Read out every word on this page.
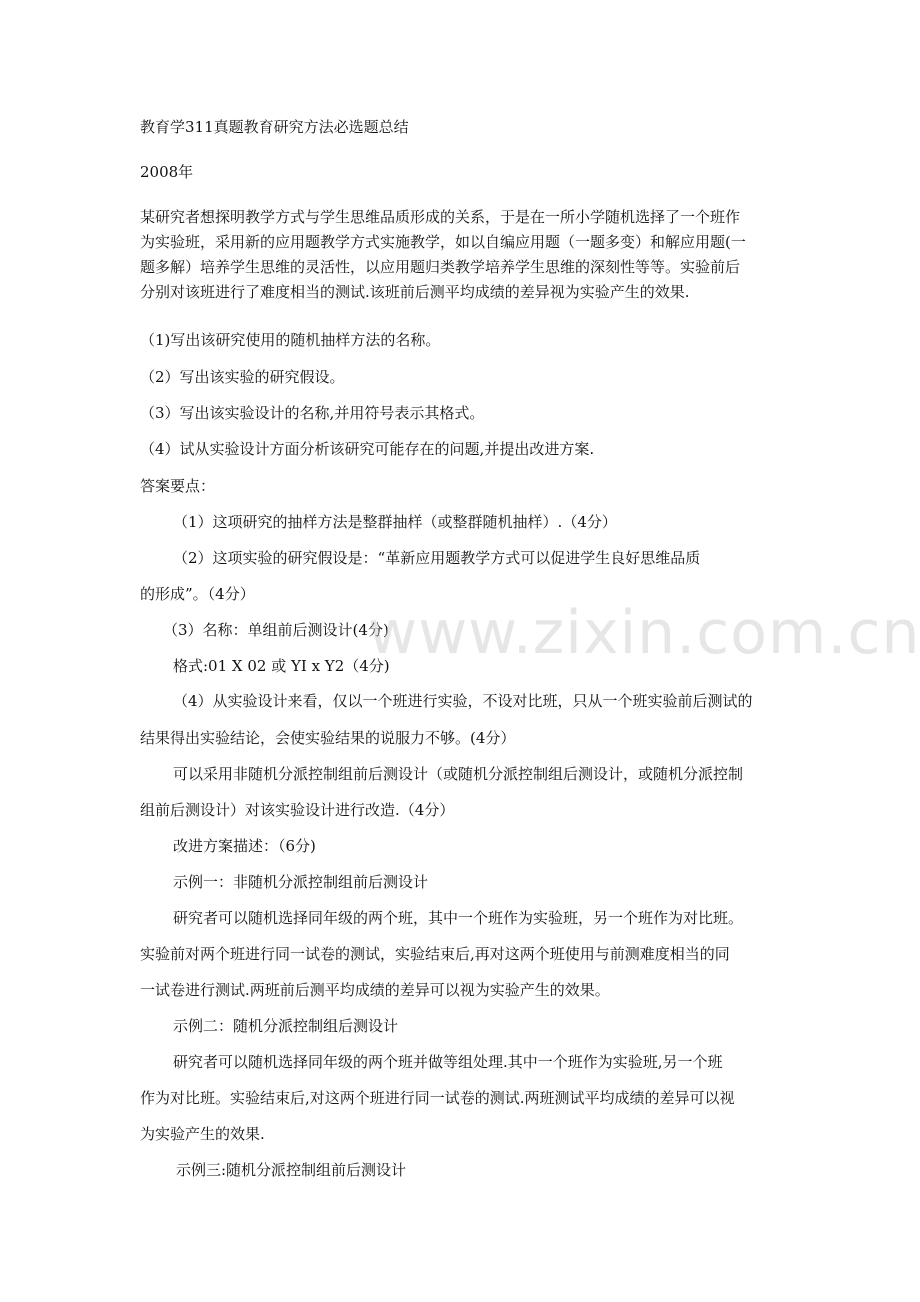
教育学311真题教育研究方法必选题总结
2008年
某研究者想探明教学方式与学生思维品质形成的关系，于是在一所小学随机选择了一个班作
为实验班，采用新的应用题教学方式实施教学，如以自编应用题（一题多变）和解应用题(一
题多解）培养学生思维的灵活性，以应用题归类教学培养学生思维的深刻性等等。实验前后
分别对该班进行了难度相当的测试.该班前后测平均成绩的差异视为实验产生的效果.
（1)写出该研究使用的随机抽样方法的名称。
（2）写出该实验的研究假设。
（3）写出该实验设计的名称,并用符号表示其格式。
（4）试从实验设计方面分析该研究可能存在的问题,并提出改进方案.
答案要点：
（1）这项研究的抽样方法是整群抽样（或整群随机抽样）.（4分）
（2）这项实验的研究假设是：“革新应用题教学方式可以促进学生良好思维品质
的形成”。（4分）
（3）名称：单组前后测设计(4分)
格式:01 X 02 或 YI x Y2（4分)
（4）从实验设计来看，仅以一个班进行实验，不设对比班，只从一个班实验前后测试的
结果得出实验结论，会使实验结果的说服力不够。(4分）
可以采用非随机分派控制组前后测设计（或随机分派控制组后测设计，或随机分派控制
组前后测设计）对该实验设计进行改造.（4分）
改进方案描述：（6分)
示例一：非随机分派控制组前后测设计
研究者可以随机选择同年级的两个班，其中一个班作为实验班，另一个班作为对比班。
实验前对两个班进行同一试卷的测试，实验结束后,再对这两个班使用与前测难度相当的同
一试卷进行测试.两班前后测平均成绩的差异可以视为实验产生的效果。
示例二：随机分派控制组后测设计
研究者可以随机选择同年级的两个班并做等组处理.其中一个班作为实验班,另一个班
作为对比班。实验结束后,对这两个班进行同一试卷的测试.两班测试平均成绩的差异可以视
为实验产生的效果.
示例三:随机分派控制组前后测设计
www.zixin.com.cn
